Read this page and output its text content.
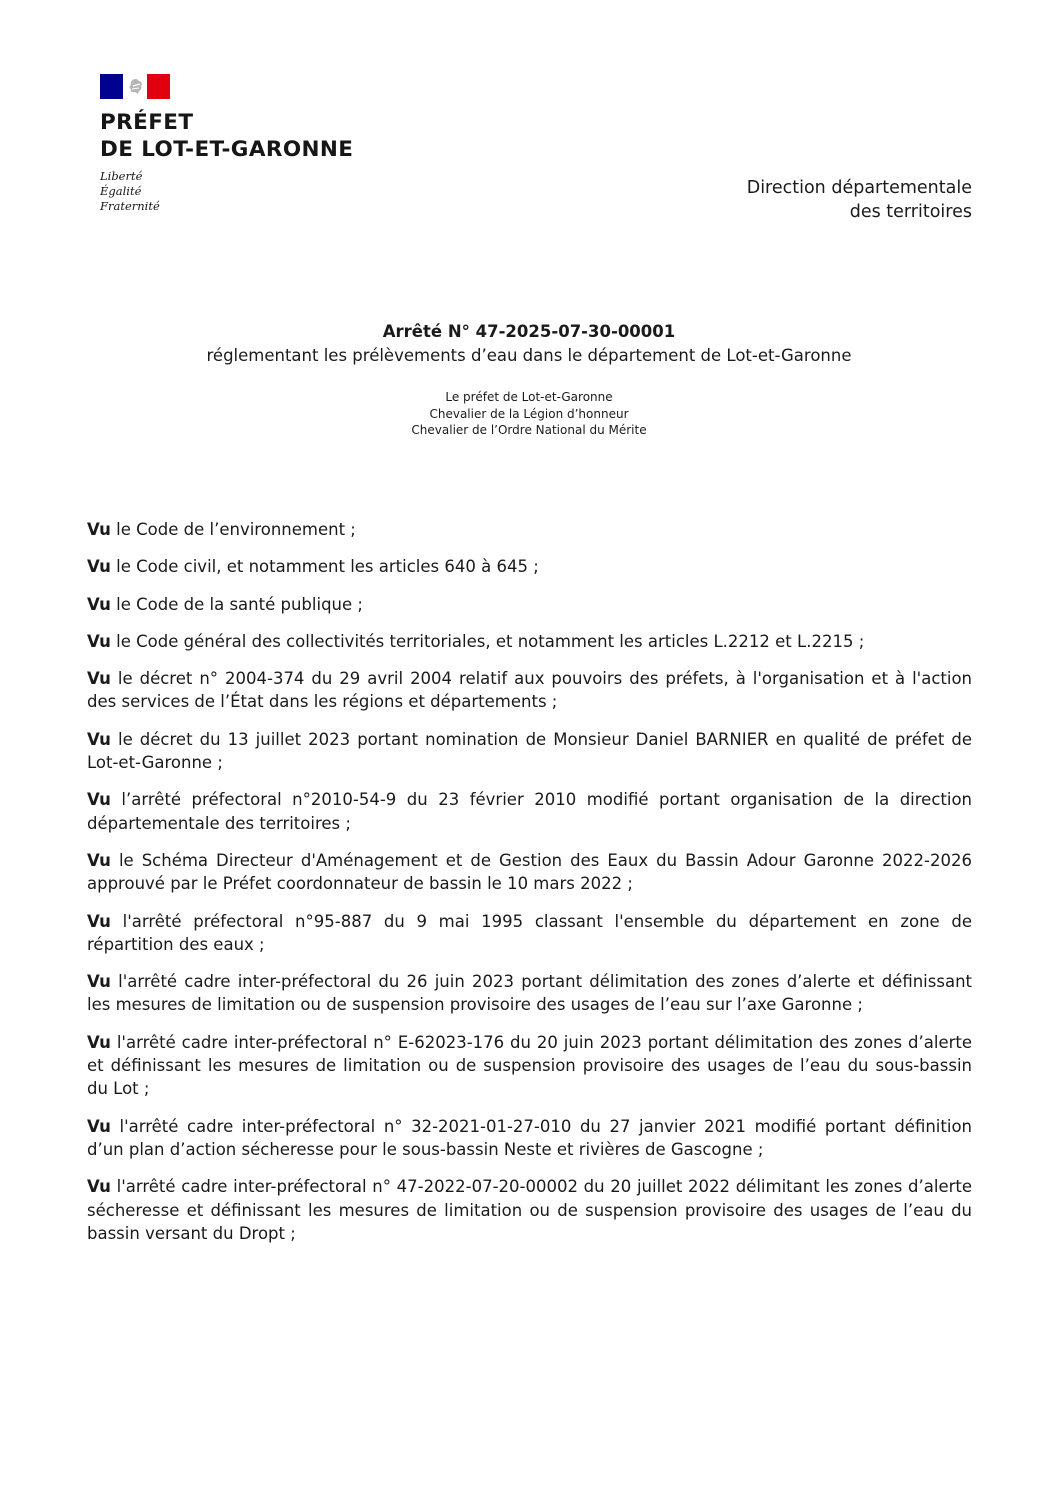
PRÉFET
DE LOT-ET-GARONNE
Liberté
Égalité
Fraternité
Direction départementale
des territoires
Arrêté N° 47-2025-07-30-00001
réglementant les prélèvements d’eau dans le département de Lot-et-Garonne
Le préfet de Lot-et-Garonne
Chevalier de la Légion d’honneur
Chevalier de l’Ordre National du Mérite

Vu le Code de l’environnement ;

Vu le Code civil, et notamment les articles 640 à 645 ;

Vu le Code de la santé publique ;

Vu le Code général des collectivités territoriales, et notamment les articles L.2212 et L.2215 ;

Vu le décret n° 2004-374 du 29 avril 2004 relatif aux pouvoirs des préfets, à l'organisation et à l'action des services de l’État dans les régions et départements ;

Vu le décret du 13 juillet 2023 portant nomination de Monsieur Daniel BARNIER en qualité de préfet de Lot-et-Garonne ;

Vu l’arrêté préfectoral n°2010-54-9 du 23 février 2010 modifié portant organisation de la direction départementale des territoires ;

Vu le Schéma Directeur d'Aménagement et de Gestion des Eaux du Bassin Adour Garonne 2022-2026 approuvé par le Préfet coordonnateur de bassin le 10 mars 2022 ;

Vu l'arrêté préfectoral n°95-887 du 9 mai 1995 classant l'ensemble du département en zone de répartition des eaux ;

Vu l'arrêté cadre inter-préfectoral du 26 juin 2023 portant délimitation des zones d’alerte et définissant les mesures de limitation ou de suspension provisoire des usages de l’eau sur l’axe Garonne ;

Vu l'arrêté cadre inter-préfectoral n° E-62023-176 du 20 juin 2023 portant délimitation des zones d’alerte et définissant les mesures de limitation ou de suspension provisoire des usages de l’eau du sous-bassin du Lot ;

Vu l'arrêté cadre inter-préfectoral n° 32-2021-01-27-010 du 27 janvier 2021 modifié portant définition d’un plan d’action sécheresse pour le sous-bassin Neste et rivières de Gascogne ;

Vu l'arrêté cadre inter-préfectoral n° 47-2022-07-20-00002 du 20 juillet 2022 délimitant les zones d’alerte sécheresse et définissant les mesures de limitation ou de suspension provisoire des usages de l’eau du bassin versant du Dropt ;
